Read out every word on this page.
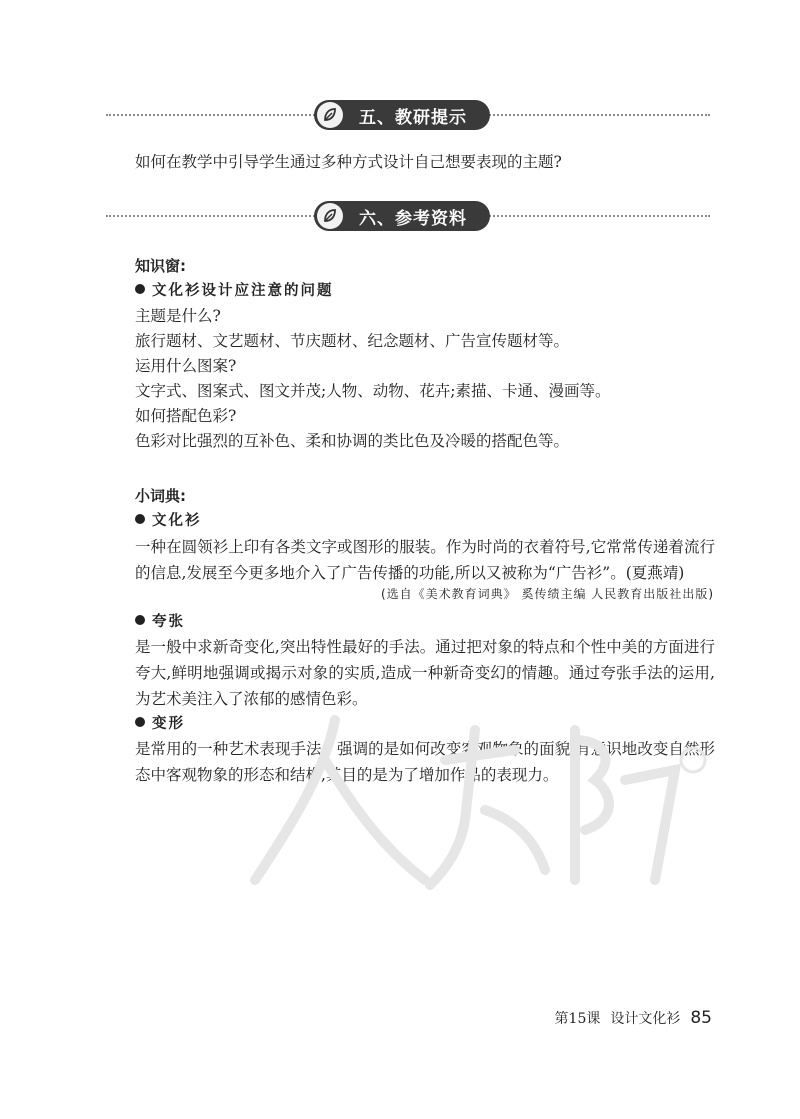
五、教研提示
如何在教学中引导学生通过多种方式设计自己想要表现的主题?
六、参考资料
知识窗:
文化衫设计应注意的问题
主题是什么?
旅行题材、文艺题材、节庆题材、纪念题材、广告宣传题材等。
运用什么图案?
文字式、图案式、图文并茂;人物、动物、花卉;素描、卡通、漫画等。
如何搭配色彩?
色彩对比强烈的互补色、柔和协调的类比色及冷暖的搭配色等。
小词典:
文化衫
一种在圆领衫上印有各类文字或图形的服装。作为时尚的衣着符号,它常常传递着流行的信息,发展至今更多地介入了广告传播的功能,所以又被称为“广告衫”。(夏燕靖)
(选自《美术教育词典》 奚传绩主编 人民教育出版社出版)
夸张
是一般中求新奇变化,突出特性最好的手法。通过把对象的特点和个性中美的方面进行夸大,鲜明地强调或揭示对象的实质,造成一种新奇变幻的情趣。通过夸张手法的运用,为艺术美注入了浓郁的感情色彩。
变形
是常用的一种艺术表现手法。强调的是如何改变客观物象的面貌,有意识地改变自然形态中客观物象的形态和结构,其目的是为了增加作品的表现力。
第15课 设计文化衫 85
